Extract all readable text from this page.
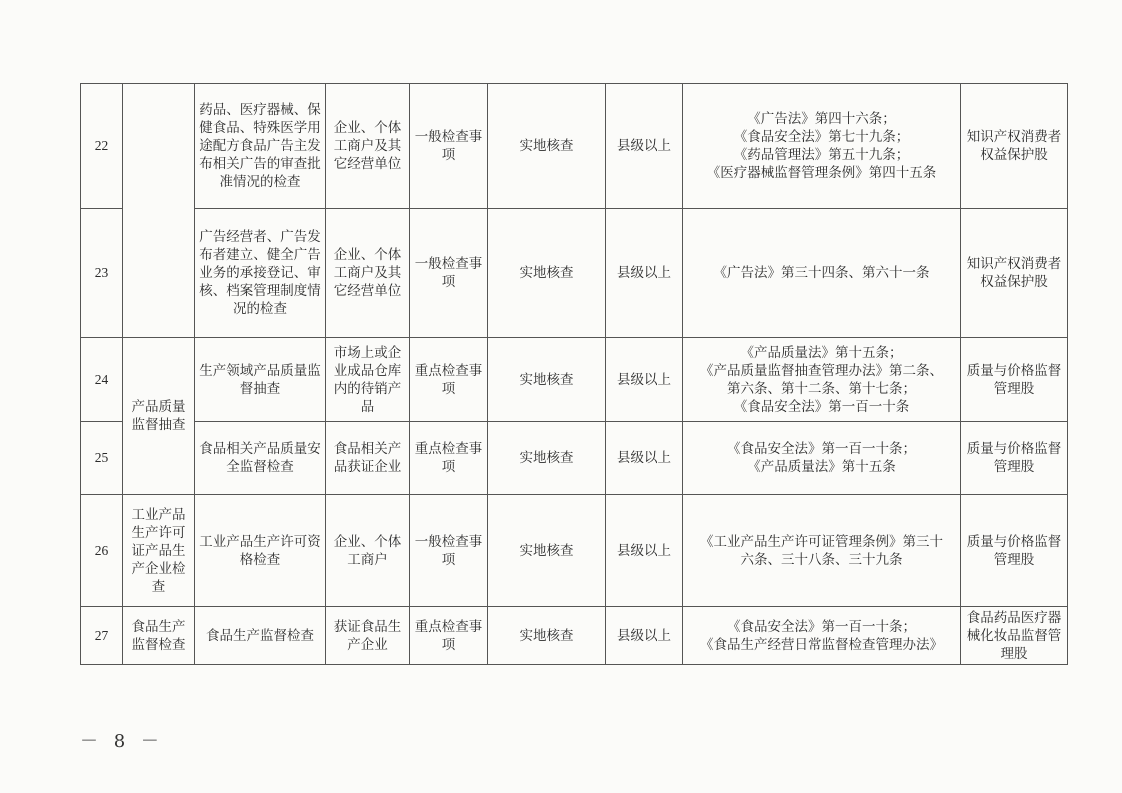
22		药品、医疗器械、保健食品、特殊医学用途配方食品广告主发布相关广告的审查批准情况的检查	企业、个体工商户及其它经营单位	一般检查事项	实地核查	县级以上	《广告法》第四十六条；
《食品安全法》第七十九条；
《药品管理法》第五十九条；
《医疗器械监督管理条例》第四十五条	知识产权消费者权益保护股
23		广告经营者、广告发布者建立、健全广告业务的承接登记、审核、档案管理制度情况的检查	企业、个体工商户及其它经营单位	一般检查事项	实地核查	县级以上	《广告法》第三十四条、第六十一条	知识产权消费者权益保护股
24	产品质量监督抽查	生产领域产品质量监督抽查	市场上或企业成品仓库内的待销产品	重点检查事项	实地核查	县级以上	《产品质量法》第十五条；
《产品质量监督抽查管理办法》第二条、
第六条、第十二条、第十七条；
《食品安全法》第一百一十条	质量与价格监督管理股
25		食品相关产品质量安全监督检查	食品相关产品获证企业	重点检查事项	实地核查	县级以上	《食品安全法》第一百一十条；
《产品质量法》第十五条	质量与价格监督管理股
26	工业产品生产许可证产品生产企业检查	工业产品生产许可资格检查	企业、个体工商户	一般检查事项	实地核查	县级以上	《工业产品生产许可证管理条例》第三十
六条、三十八条、三十九条	质量与价格监督管理股
27	食品生产监督检查	食品生产监督检查	获证食品生产企业	重点检查事项	实地核查	县级以上	《食品安全法》第一百一十条；
《食品生产经营日常监督检查管理办法》	食品药品医疗器械化妆品监督管理股
－ 8 －
